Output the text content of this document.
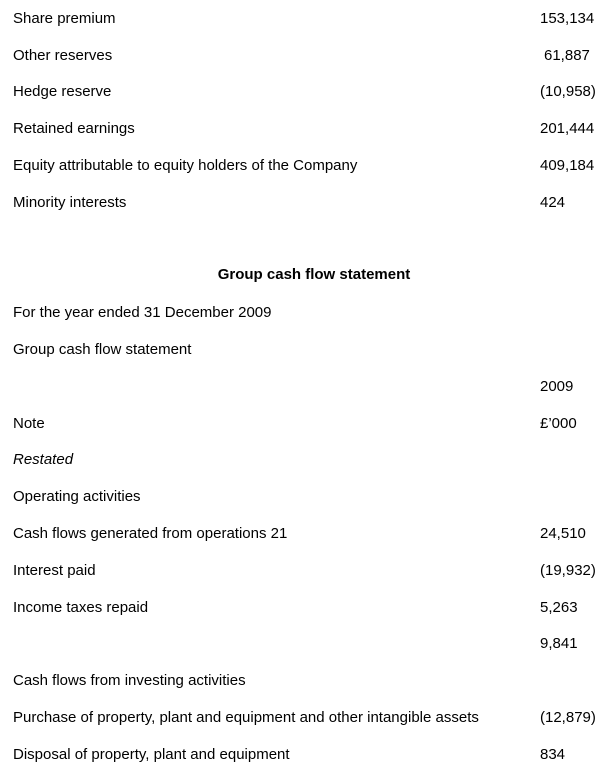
Share premium	153,134
Other reserves	61,887
Hedge reserve	(10,958)
Retained earnings	201,444
Equity attributable to equity holders of the Company	409,184
Minority interests	424
Group cash flow statement
For the year ended 31 December 2009
Group cash flow statement
2009
Note	£’000
Restated
Operating activities
Cash flows generated from operations 21	24,510
Interest paid	(19,932)
Income taxes repaid	5,263
9,841
Cash flows from investing activities
Purchase of property, plant and equipment and other intangible assets	(12,879)
Disposal of property, plant and equipment	834
